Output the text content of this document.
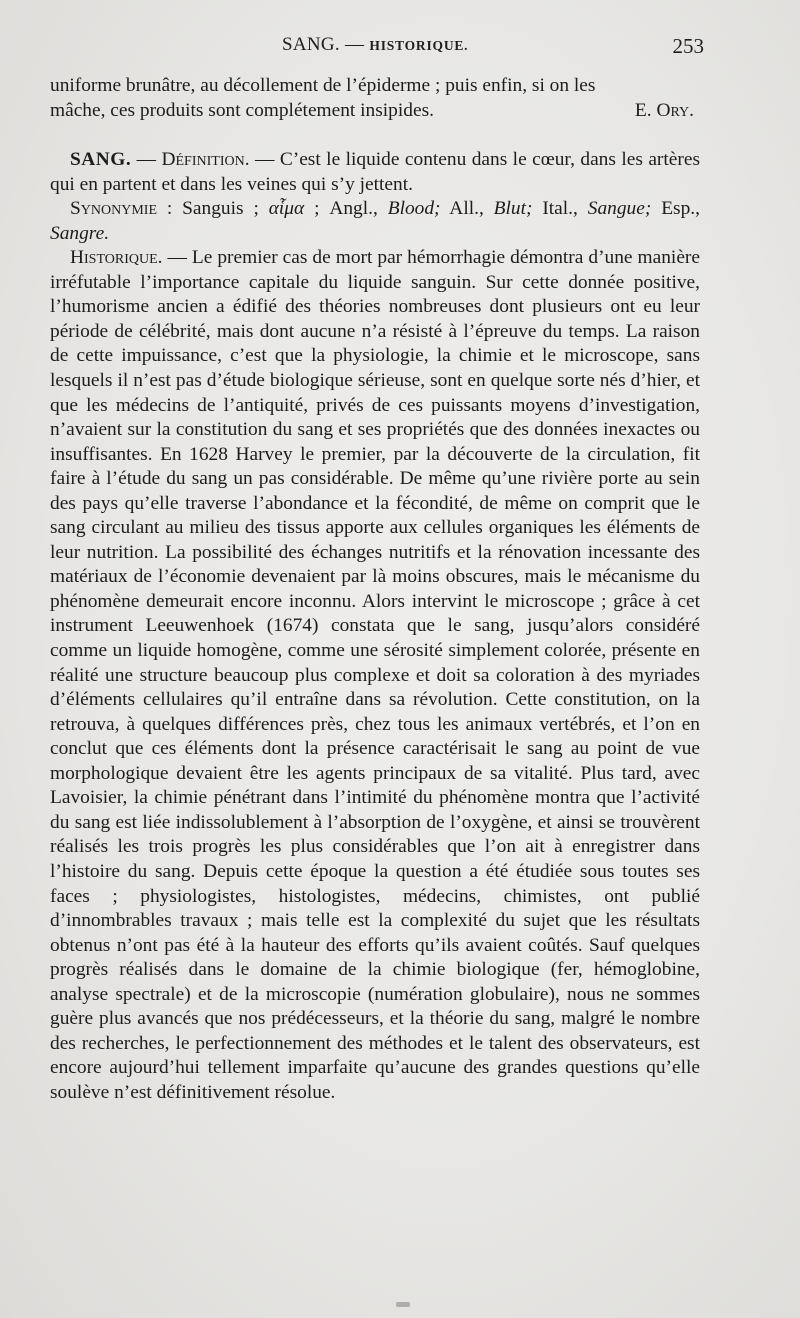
SANG. — HISTORIQUE.	253

uniforme brunâtre, au décollement de l’épiderme ; puis enfin, si on les

mâche, ces produits sont complétement insipides.	E. Ory.

SANG. — Définition. — C’est le liquide contenu dans le cœur, dans les artères qui en partent et dans les veines qui s’y jettent.

Synonymie : Sanguis ; αἷμα ; Angl., Blood; All., Blut; Ital., Sangue; Esp., Sangre.

Historique. — Le premier cas de mort par hémorrhagie démontra d’une manière irréfutable l’importance capitale du liquide sanguin. Sur cette donnée positive, l’humorisme ancien a édifié des théories nombreuses dont plusieurs ont eu leur période de célébrité, mais dont aucune n’a résisté à l’épreuve du temps. La raison de cette impuissance, c’est que la physiologie, la chimie et le microscope, sans lesquels il n’est pas d’étude biologique sérieuse, sont en quelque sorte nés d’hier, et que les médecins de l’antiquité, privés de ces puissants moyens d’investigation, n’avaient sur la constitution du sang et ses propriétés que des données inexactes ou insuffisantes. En 1628 Harvey le premier, par la découverte de la circulation, fit faire à l’étude du sang un pas considérable. De même qu’une rivière porte au sein des pays qu’elle traverse l’abondance et la fécondité, de même on comprit que le sang circulant au milieu des tissus apporte aux cellules organiques les éléments de leur nutrition. La possibilité des échanges nutritifs et la rénovation incessante des matériaux de l’économie devenaient par là moins obscures, mais le mécanisme du phénomène demeurait encore inconnu. Alors intervint le microscope ; grâce à cet instrument Leeuwenhoek (1674) constata que le sang, jusqu’alors considéré comme un liquide homogène, comme une sérosité simplement colorée, présente en réalité une structure beaucoup plus complexe et doit sa coloration à des myriades d’éléments cellulaires qu’il entraîne dans sa révolution. Cette constitution, on la retrouva, à quelques différences près, chez tous les animaux vertébrés, et l’on en conclut que ces éléments dont la présence caractérisait le sang au point de vue morphologique devaient être les agents principaux de sa vitalité. Plus tard, avec Lavoisier, la chimie pénétrant dans l’intimité du phénomène montra que l’activité du sang est liée indissolublement à l’absorption de l’oxygène, et ainsi se trouvèrent réalisés les trois progrès les plus considérables que l’on ait à enregistrer dans l’histoire du sang. Depuis cette époque la question a été étudiée sous toutes ses faces ; physiologistes, histologistes, médecins, chimistes, ont publié d’innombrables travaux ; mais telle est la complexité du sujet que les résultats obtenus n’ont pas été à la hauteur des efforts qu’ils avaient coûtés. Sauf quelques progrès réalisés dans le domaine de la chimie biologique (fer, hémoglobine, analyse spectrale) et de la microscopie (numération globulaire), nous ne sommes guère plus avancés que nos prédécesseurs, et la théorie du sang, malgré le nombre des recherches, le perfectionnement des méthodes et le talent des observateurs, est encore aujourd’hui tellement imparfaite qu’aucune des grandes questions qu’elle soulève n’est définitivement résolue.
